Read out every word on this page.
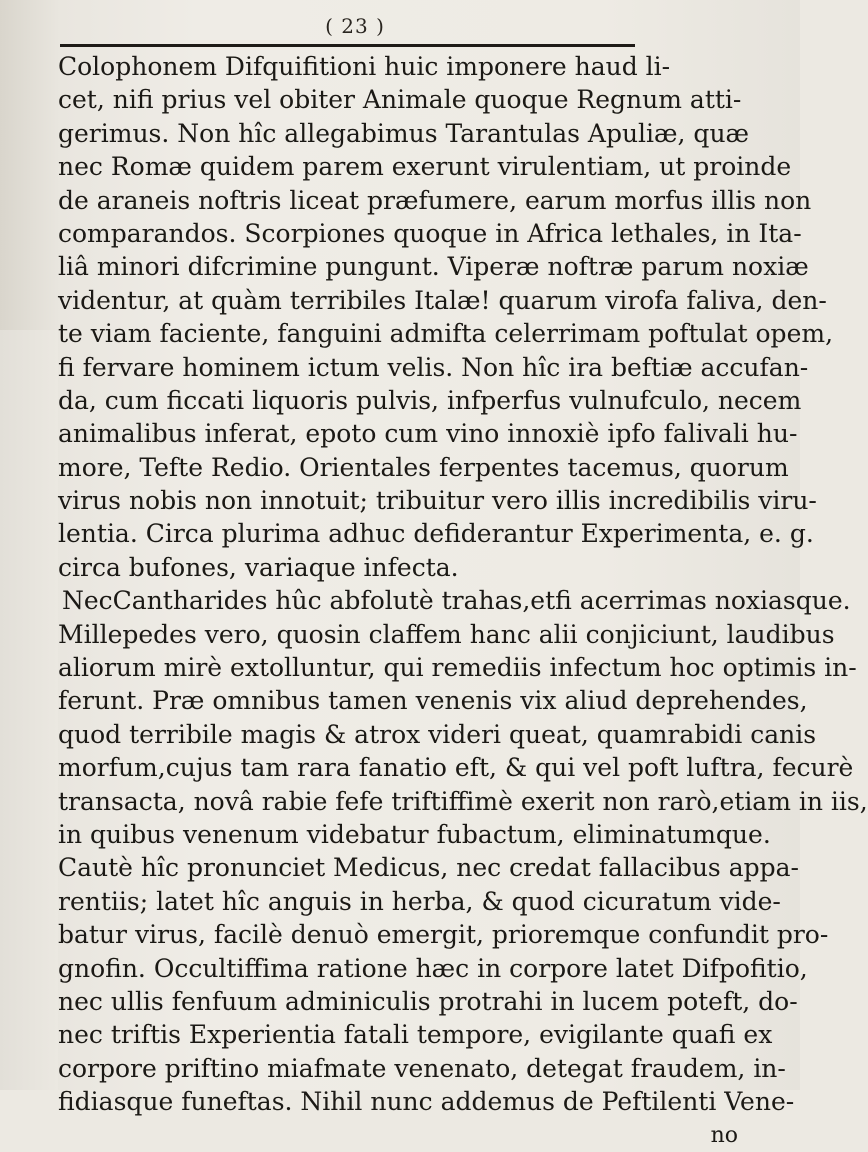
( 23 )
Colophonem Difquifitioni huic imponere haud li-
cet, nifi prius vel obiter Animale quoque Regnum atti-
gerimus. Non hîc allegabimus Tarantulas Apuliæ, quæ
nec Romæ quidem parem exerunt virulentiam, ut proinde
de araneis noftris liceat præfumere, earum morfus illis non
comparandos. Scorpiones quoque in Africa lethales, in Ita-
liâ minori difcrimine pungunt. Viperæ noftræ parum noxiæ
videntur, at quàm terribiles Italæ! quarum virofa faliva, den-
te viam faciente, fanguini admifta celerrimam poftulat opem,
fi fervare hominem ictum velis. Non hîc ira beftiæ accufan-
da, cum ficcati liquoris pulvis, infperfus vulnufculo, necem
animalibus inferat, epoto cum vino innoxiè ipfo falivali hu-
more, Tefte Redio. Orientales ferpentes tacemus, quorum
virus nobis non innotuit; tribuitur vero illis incredibilis viru-
lentia. Circa plurima adhuc defiderantur Experimenta, e. g.
circa bufones, variaque infecta.
NecCantharides hûc abfolutè trahas,etfi acerrimas noxiasque.
Millepedes vero, quosin claffem hanc alii conjiciunt, laudibus
aliorum mirè extolluntur, qui remediis infectum hoc optimis in-
ferunt. Præ omnibus tamen venenis vix aliud deprehendes,
quod terribile magis & atrox videri queat, quamrabidi canis
morfum,cujus tam rara fanatio eft, & qui vel poft luftra, fecurè
transacta, novâ rabie fefe triftiffimè exerit non rarò,etiam in iis,
in quibus venenum videbatur fubactum, eliminatumque.
Cautè hîc pronunciet Medicus, nec credat fallacibus appa-
rentiis; latet hîc anguis in herba, & quod cicuratum vide-
batur virus, facilè denuò emergit, prioremque confundit pro-
gnofin. Occultiffima ratione hæc in corpore latet Difpofitio,
nec ullis fenfuum adminiculis protrahi in lucem poteft, do-
nec triftis Experientia fatali tempore, evigilante quafi ex
corpore priftino miafmate venenato, detegat fraudem, in-
fidiasque funeftas. Nihil nunc addemus de Peftilenti Vene-
no
